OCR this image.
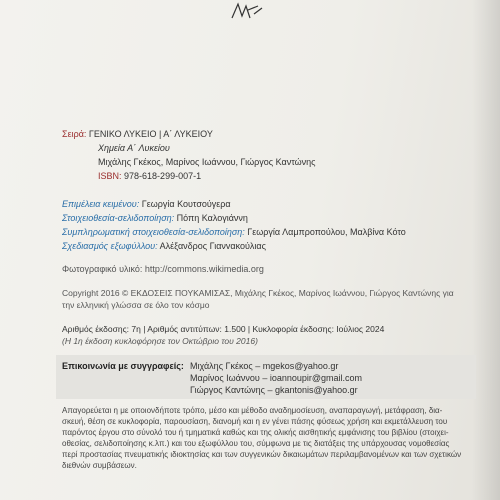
Σειρά: ΓΕΝΙΚΟ ΛΥΚΕΙΟ | Α΄ ΛΥΚΕΙΟΥ
Χημεία Α΄ Λυκείου
Μιχάλης Γκέκος, Μαρίνος Ιωάννου, Γιώργος Καντώνης
ISBN: 978-618-299-007-1
Επιμέλεια κειμένου: Γεωργία Κουτσούγερα
Στοιχειοθεσία-σελιδοποίηση: Πόπη Καλογιάννη
Συμπληρωματική στοιχειοθεσία-σελιδοποίηση: Γεωργία Λαμπροπούλου, Μαλβίνα Κότο
Σχεδιασμός εξωφύλλου: Αλέξανδρος Γιανvακούλιας
Φωτογραφικό υλικό: http://commons.wikimedia.org
Copyright 2016 © ΕΚΔΟΣΕΙΣ ΠΟΥΚΑΜΙΣΑΣ, Μιχάλης Γκέκος, Μαρίνος Ιωάννου, Γιώργος Καντώνης για
την ελληνική γλώσσα σε όλο τον κόσμο
Αριθμός έκδοσης: 7η | Αριθμός αντιτύπων: 1.500 | Κυκλοφορία έκδοσης: Ιούλιος 2024
(Η 1η έκδοση κυκλοφόρησε τον Οκτώβριο του 2016)
Επικοινωνία με συγγραφείς: Μιχάλης Γκέκος – mgekos@yahoo.gr
Μαρίνος Ιωάννου – ioannoupir@gmail.com
Γιώργος Καντώνης – gkantonis@yahoo.gr
Απαγορεύεται η με οποιονδήποτε τρόπο, μέσο και μέθοδο αναδημοσίευση, αναπαραγωγή, μετάφραση, δια-
σκευή, θέση σε κυκλοφορία, παρουσίαση, διανομή και η εν γένει πάσης φύσεως χρήση και εκμετάλλευση του
παρόντος έργου στο σύνολό του ή τμηματικά καθώς και της ολικής αισθητικής εμφάνισης του βιβλίου (στοιχει-
οθεσίας, σελιδοποίησης κ.λπ.) και του εξωφύλλου του, σύμφωνα με τις διατάξεις της υπάρχουσας νομοθεσίας
περί προστασίας πνευματικής ιδιοκτησίας και των συγγενικών δικαιωμάτων περιλαμβανομένων και των σχετικών
διεθνών συμβάσεων.
